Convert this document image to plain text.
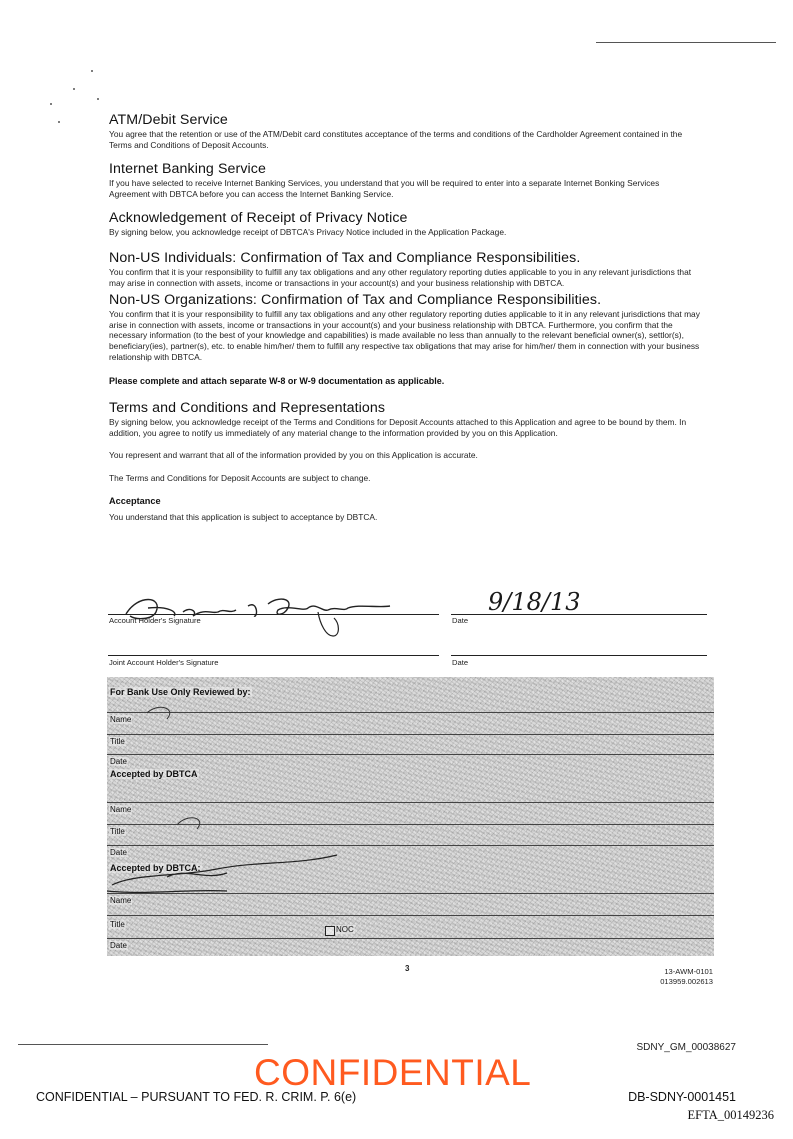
ATM/Debit Service

You agree that the retention or use of the ATM/Debit card constitutes acceptance of the terms and conditions of the Cardholder Agreement contained in the Terms and Conditions of Deposit Accounts.

Internet Banking Service

If you have selected to receive Internet Banking Services, you understand that you will be required to enter into a separate Internet Bonking Services Agreement with DBTCA before you can access the Internet Banking Service.

Acknowledgement of Receipt of Privacy Notice

By signing below, you acknowledge receipt of DBTCA's Privacy Notice included in the Application Package.

Non-US Individuals: Confirmation of Tax and Compliance Responsibilities.

You confirm that it is your responsibility to fulfill any tax obligations and any other regulatory reporting duties applicable to you in any relevant jurisdictions that may arise in connection with assets, income or transactions in your account(s) and your business relationship with DBTCA.

Non-US Organizations: Confirmation of Tax and Compliance Responsibilities.

You confirm that it is your responsibility to fulfill any tax obligations and any other regulatory reporting duties applicable to it in any relevant jurisdictions that may arise in connection with assets, income or transactions in your account(s) and your business relationship with DBTCA. Furthermore, you confirm that the necessary information (to the best of your knowledge and capabilities) is made available no less than annually to the relevant beneficial owner(s), settlor(s), beneficiary(ies), partner(s), etc. to enable him/her/ them to fulfill any respective tax obligations that may arise for him/her/ them in connection with your business relationship with DBTCA.

Please complete and attach separate W-8 or W-9 documentation as applicable.

Terms and Conditions and Representations

By signing below, you acknowledge receipt of the Terms and Conditions for Deposit Accounts attached to this Application and agree to be bound by them. In addition, you agree to notify us immediately of any material change to the information provided by you on this Application.

You represent and warrant that all of the information provided by you on this Application is accurate.

The Terms and Conditions for Deposit Accounts are subject to change.

Acceptance

You understand that this application is subject to acceptance by DBTCA.

Account Holder's Signature
9/18/13
Date
Joint Account Holder's Signature	Date
For Bank Use Only Reviewed by:
Name
Title
Date
Accepted by DBTCA
Name
Title
Date
Accepted by DBTCA:
Name
Title
NOC
Date
3	13-AWM-0101
013959.002613
SDNY_GM_00038627
CONFIDENTIAL
CONFIDENTIAL – PURSUANT TO FED. R. CRIM. P. 6(e)	DB-SDNY-0001451
EFTA_00149236
